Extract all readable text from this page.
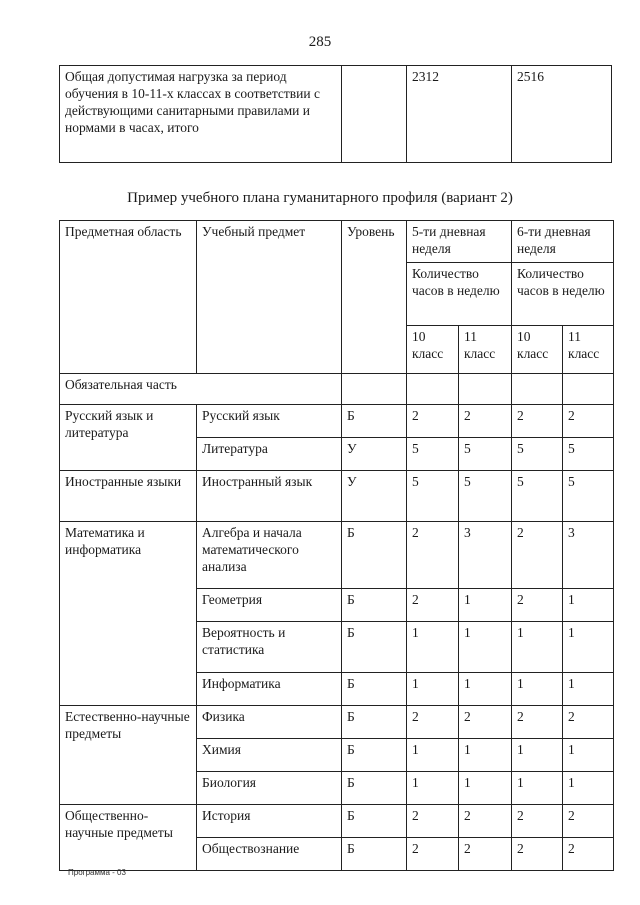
285
Общая допустимая нагрузка за период обучения в 10-11-х классах в соответствии с действующими санитарными правилами и нормами в часах, итого		2312	2516
Пример учебного плана гуманитарного профиля (вариант 2)
Предметная область	Учебный предмет	Уровень	5-ти дневная неделя		6-ти дневная неделя	
			Количество часов в неделю		Количество часов в неделю	
			10 класс	11 класс	10 класс	11 класс
Обязательная часть						
Русский язык и литература	Русский язык	Б	2	2	2	2
	Литература	У	5	5	5	5
Иностранные языки	Иностранный язык	У	5	5	5	5
Математика и информатика	Алгебра и начала математического анализа	Б	2	3	2	3
	Геометрия	Б	2	1	2	1
	Вероятность и статистика	Б	1	1	1	1
	Информатика	Б	1	1	1	1
Естественно-научные предметы	Физика	Б	2	2	2	2
	Химия	Б	1	1	1	1
	Биология	Б	1	1	1	1
Общественно-научные предметы	История	Б	2	2	2	2
	Обществознание	Б	2	2	2	2
Программа - 03
